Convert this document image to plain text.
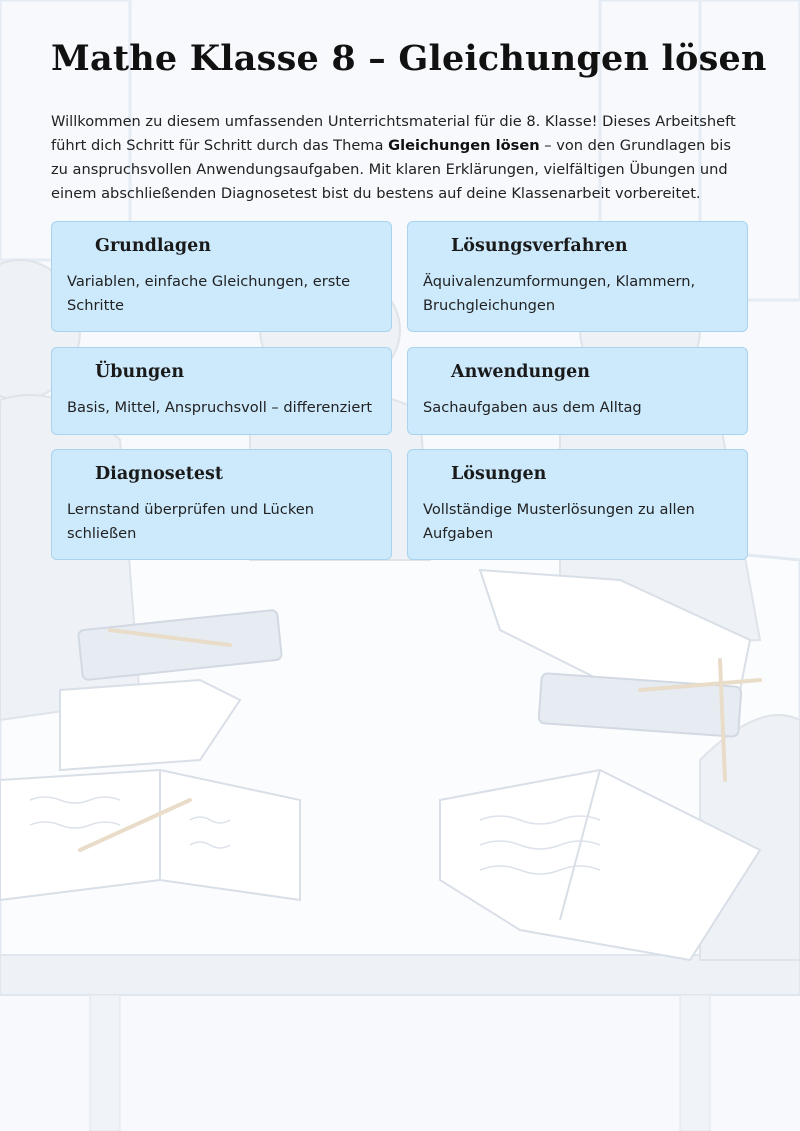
Mathe Klasse 8 – Gleichungen lösen

Willkommen zu diesem umfassenden Unterrichtsmaterial für die 8. Klasse! Dieses Arbeitsheft führt dich Schritt für Schritt durch das Thema Gleichungen lösen – von den Grundlagen bis zu anspruchsvollen Anwendungsaufgaben. Mit klaren Erklärungen, vielfältigen Übungen und einem abschließenden Diagnosetest bist du bestens auf deine Klassenarbeit vorbereitet.

Grundlagen
Variablen, einfache Gleichungen, erste Schritte
Lösungsverfahren
Äquivalenzumformungen, Klammern, Bruchgleichungen
Übungen
Basis, Mittel, Anspruchsvoll – differenziert
Anwendungen
Sachaufgaben aus dem Alltag
Diagnosetest
Lernstand überprüfen und Lücken schließen
Lösungen
Vollständige Musterlösungen zu allen Aufgaben
